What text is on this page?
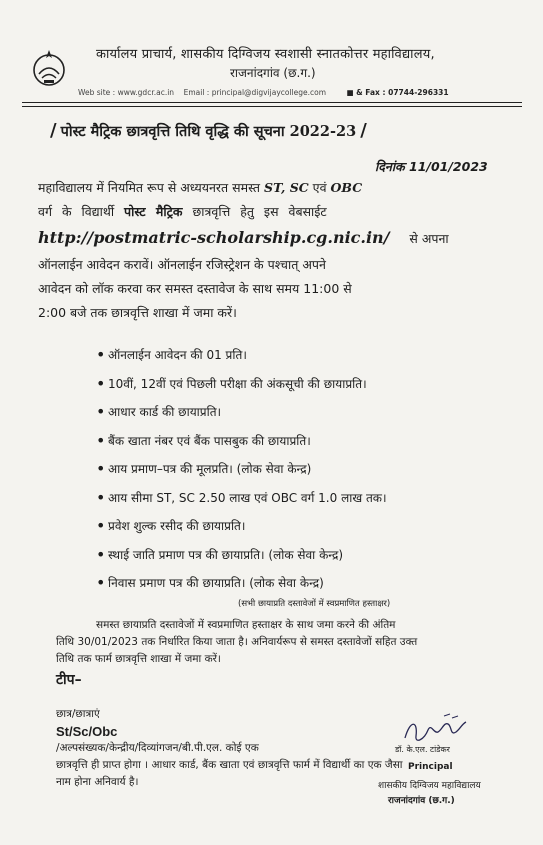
कार्यालय प्राचार्य, शासकीय दिग्विजय स्वशासी स्नातकोत्तर महाविद्यालय,
राजनांदगांव (छ.ग.)
Web site : www.gdcr.ac.in Email : principal@digvijaycollege.com	■ & Fax : 07744-296331
/ पोस्ट मैट्रिक छात्रवृत्ति तिथि वृद्धि की सूचना 2022-23 /
दिनांक 11/01/2023
महाविद्यालय में नियमित रूप से अध्ययनरत समस्त ST, SC एवं OBC
वर्ग के विद्यार्थी पोस्ट मैट्रिक छात्रवृत्ति हेतु इस वेबसाईट
http://postmatric-scholarship.cg.nic.in/ से अपना
ऑनलाईन आवेदन करावें। ऑनलाईन रजिस्ट्रेशन के पश्चात् अपने
आवेदन को लॉक करवा कर समस्त दस्तावेज के साथ समय 11:00 से
2:00 बजे तक छात्रवृत्ति शाखा में जमा करें।
• ऑनलाईन आवेदन की 01 प्रति।
• 10वीं, 12वीं एवं पिछली परीक्षा की अंकसूची की छायाप्रति।
• आधार कार्ड की छायाप्रति।
• बैंक खाता नंबर एवं बैंक पासबुक की छायाप्रति।
• आय प्रमाण–पत्र की मूलप्रति। (लोक सेवा केन्द्र)
• आय सीमा ST, SC 2.50 लाख एवं OBC वर्ग 1.0 लाख तक।
• प्रवेश शुल्क रसीद की छायाप्रति।
• स्थाई जाति प्रमाण पत्र की छायाप्रति। (लोक सेवा केन्द्र)
• निवास प्रमाण पत्र की छायाप्रति। (लोक सेवा केन्द्र)
(सभी छायाप्रति दस्तावेजों में स्वप्रमाणित हस्ताक्षर)
समस्त छायाप्रति दस्तावेजों में स्वप्रमाणित हस्ताक्षर के साथ जमा करने की अंतिम
तिथि 30/01/2023 तक निर्धारित किया जाता है। अनिवार्यरूप से समस्त दस्तावेजों सहित उक्त
तिथि तक फार्म छात्रवृत्ति शाखा में जमा करें।
टीप–

छात्र/छात्राएं
St/Sc/Obc
/अल्पसंख्यक/केन्द्रीय/दिव्यांगजन/बी.पी.एल. कोई एक
छात्रवृत्ति ही प्राप्त होगा । आधार कार्ड, बैंक खाता एवं छात्रवृत्ति फार्म में विद्यार्थी का एक जैसा
नाम होना अनिवार्य है।
डॉ. के.एल. टांडेकर
Principal
शासकीय दिग्विजय महाविद्यालय
राजनांदगांव (छ.ग.)
